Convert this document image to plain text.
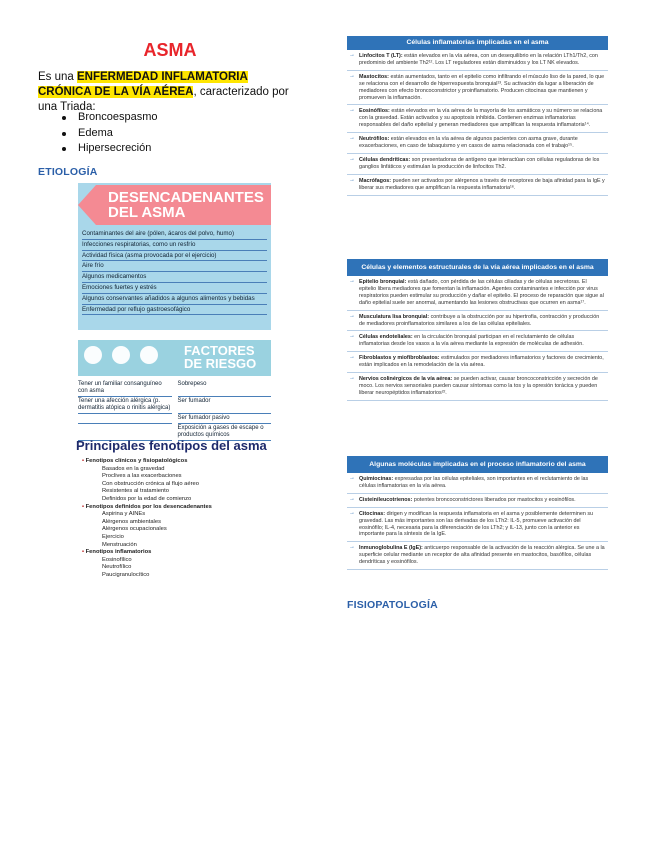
ASMA
Es una ENFERMEDAD INFLAMATORIA CRÓNICA DE LA VÍA AÉREA, caracterizado por una Triada:
Broncoespasmo
Edema
Hipersecreción
ETIOLOGÍA
DESENCADENANTES
DEL ASMA
Contaminantes del aire (pólen, ácaros del polvo, humo)
Infecciones respiratorias, como un resfrío
Actividad física (asma provocada por el ejercicio)
Aire frío
Algunos medicamentos
Emociones fuertes y estrés
Algunos conservantes añadidos a algunos alimentos y bebidas
Enfermedad por reflujo gastroesofágico
FACTORES
DE RIESGO
Tener un familiar consanguíneo con asma
Sobrepeso
Tener una afección alérgica (p. dermatitis atópica o rinitis alérgica)
Ser fumador
Ser fumador pasivo
Exposición a gases de escape o productos químicos
Principales fenotipos del asma
• Fenotipos clínicos y fisiopatológicos
Basados en la gravedad
Proclives a las exacerbaciones
Con obstrucción crónica al flujo aéreo
Resistentes al tratamiento
Definidos por la edad de comienzo
• Fenotipos definidos por los desencadenantes
Aspirina y AINEs
Alérgenos ambientales
Alérgenos ocupacionales
Ejercicio
Menstruación
• Fenotipos inflamatorios
Eosinofílico
Neutrofílico
Paucigranulocítico
Células inflamatorias implicadas en el asma
→ Linfocitos T (LT): están elevados en la vía aérea, con un desequilibrio en la relación LTh1/Th2, con predominio del ambiente Th2¹². Los LT reguladores están disminuidos y los LT NK elevados.
→ Mastocitos: están aumentados, tanto en el epitelio como infiltrando el músculo liso de la pared, lo que se relaciona con el desarrollo de hiperrespuesta bronquial¹³. Su activación da lugar a liberación de mediadores con efecto broncoconstrictor y proinflamatorio. Producen citocinas que mantienen y promueven la inflamación.
→ Eosinófilos: están elevados en la vía aérea de la mayoría de los asmáticos y su número se relaciona con la gravedad. Están activados y su apoptosis inhibida. Contienen enzimas inflamatorias responsables del daño epitelial y generan mediadores que amplifican la respuesta inflamatoria¹⁴.
→ Neutrófilos: están elevados en la vía aérea de algunos pacientes con asma grave, durante exacerbaciones, en caso de tabaquismo y en casos de asma relacionada con el trabajo¹⁵.
→ Células dendríticas: son presentadoras de antígeno que interactúan con células reguladoras de los ganglios linfáticos y estimulan la producción de linfocitos Th2.
→ Macrófagos: pueden ser activados por alérgenos a través de receptores de baja afinidad para la IgE y liberar sus mediadores que amplifican la respuesta inflamatoria¹⁶.
Células y elementos estructurales de la vía aérea implicados en el asma
→ Epitelio bronquial: está dañado, con pérdida de las células ciliadas y de células secretoras. El epitelio libera mediadores que fomentan la inflamación. Agentes contaminantes e infección por virus respiratorios pueden estimular su producción y dañar el epitelio. El proceso de reparación que sigue al daño epitelial suele ser anormal, aumentando las lesiones obstructivas que ocurren en asma¹⁷.
→ Musculatura lisa bronquial: contribuye a la obstrucción por su hipertrofia, contracción y producción de mediadores proinflamatorios similares a los de las células epiteliales.
→ Células endoteliales: en la circulación bronquial participan en el reclutamiento de células inflamatorias desde los vasos a la vía aérea mediante la expresión de moléculas de adhesión.
→ Fibroblastos y miofibroblastos: estimulados por mediadores inflamatorios y factores de crecimiento, están implicados en la remodelación de la vía aérea.
→ Nervios colinérgicos de la vía aérea: se pueden activar, causar broncoconstricción y secreción de moco. Los nervios sensoriales pueden causar síntomas como la tos y la opresión torácica y pueden liberar neuropéptidos inflamatorios²².
Algunas moléculas implicadas en el proceso inflamatorio del asma
→ Quimiocinas: expresadas por las células epiteliales, son importantes en el reclutamiento de las células inflamatorias en la vía aérea.
→ Cisteinileucotrienos: potentes broncoconstrictores liberados por mastocitos y eosinófilos.
→ Citocinas: dirigen y modifican la respuesta inflamatoria en el asma y posiblemente determinen su gravedad. Las más importantes son las derivadas de los LTh2: IL-5, promueve activación del eosinófilo; IL-4, necesaria para la diferenciación de los LTh2; y IL-13, junto con la anterior es importante para la síntesis de la IgE.
→ Inmunoglobulina E (IgE): anticuerpo responsable de la activación de la reacción alérgica. Se une a la superficie celular mediante un receptor de alta afinidad presente en mastocitos, basófilos, células dendríticas y eosinófilos.
FISIOPATOLOGÍA
